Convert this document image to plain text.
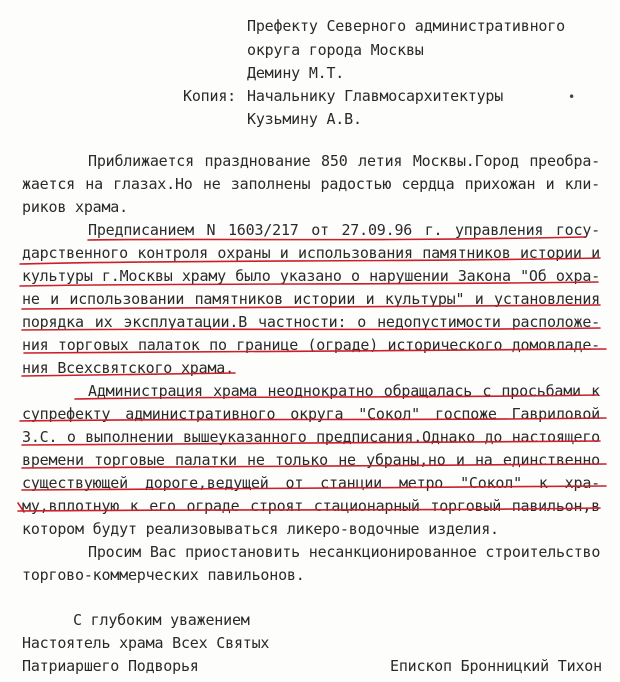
Префекту Северного административного
округа города Москвы
Демину М.Т.
Копия: Начальнику Главмосархитектуры
Кузьмину А.В.
•
Приближается празднование 850 летия Москвы.Город преобра-
жается на глазах.Но не заполнены радостью сердца прихожан и кли-
риков храма.
Предписанием N 1603/217 от 27.09.96 г. управления госу-
дарственного контроля охраны и использования памятников истории и
культуры г.Москвы храму было указано о нарушении Закона "Об охра-
не и использовании памятников истории и культуры" и установления
порядка их эксплуатации.В частности: о недопустимости расположе-
ния торговых палаток по границе (ограде) исторического домовладе-
ния Всехсвятского храма.
Администрация храма неоднократно обращалась с просьбами к
супрефекту административного округа "Сокол" госпоже Гавриловой
З.С. о выполнении вышеуказанного предписания.Однако до настоящего
времени торговые палатки не только не убраны,но и на единственно
существующей дороге,ведущей от станции метро "Сокол" к хра-
му,вплотную к его ограде строят стационарный торговый павильон,в
котором будут реализовываться ликеро-водочные изделия.
Просим Вас приостановить несанкционированное строительство
торгово-коммерческих павильонов.
С глубоким уважением
Настоятель храма Всех Святых
Патриаршего Подворья	Епископ Бронницкий Тихон
